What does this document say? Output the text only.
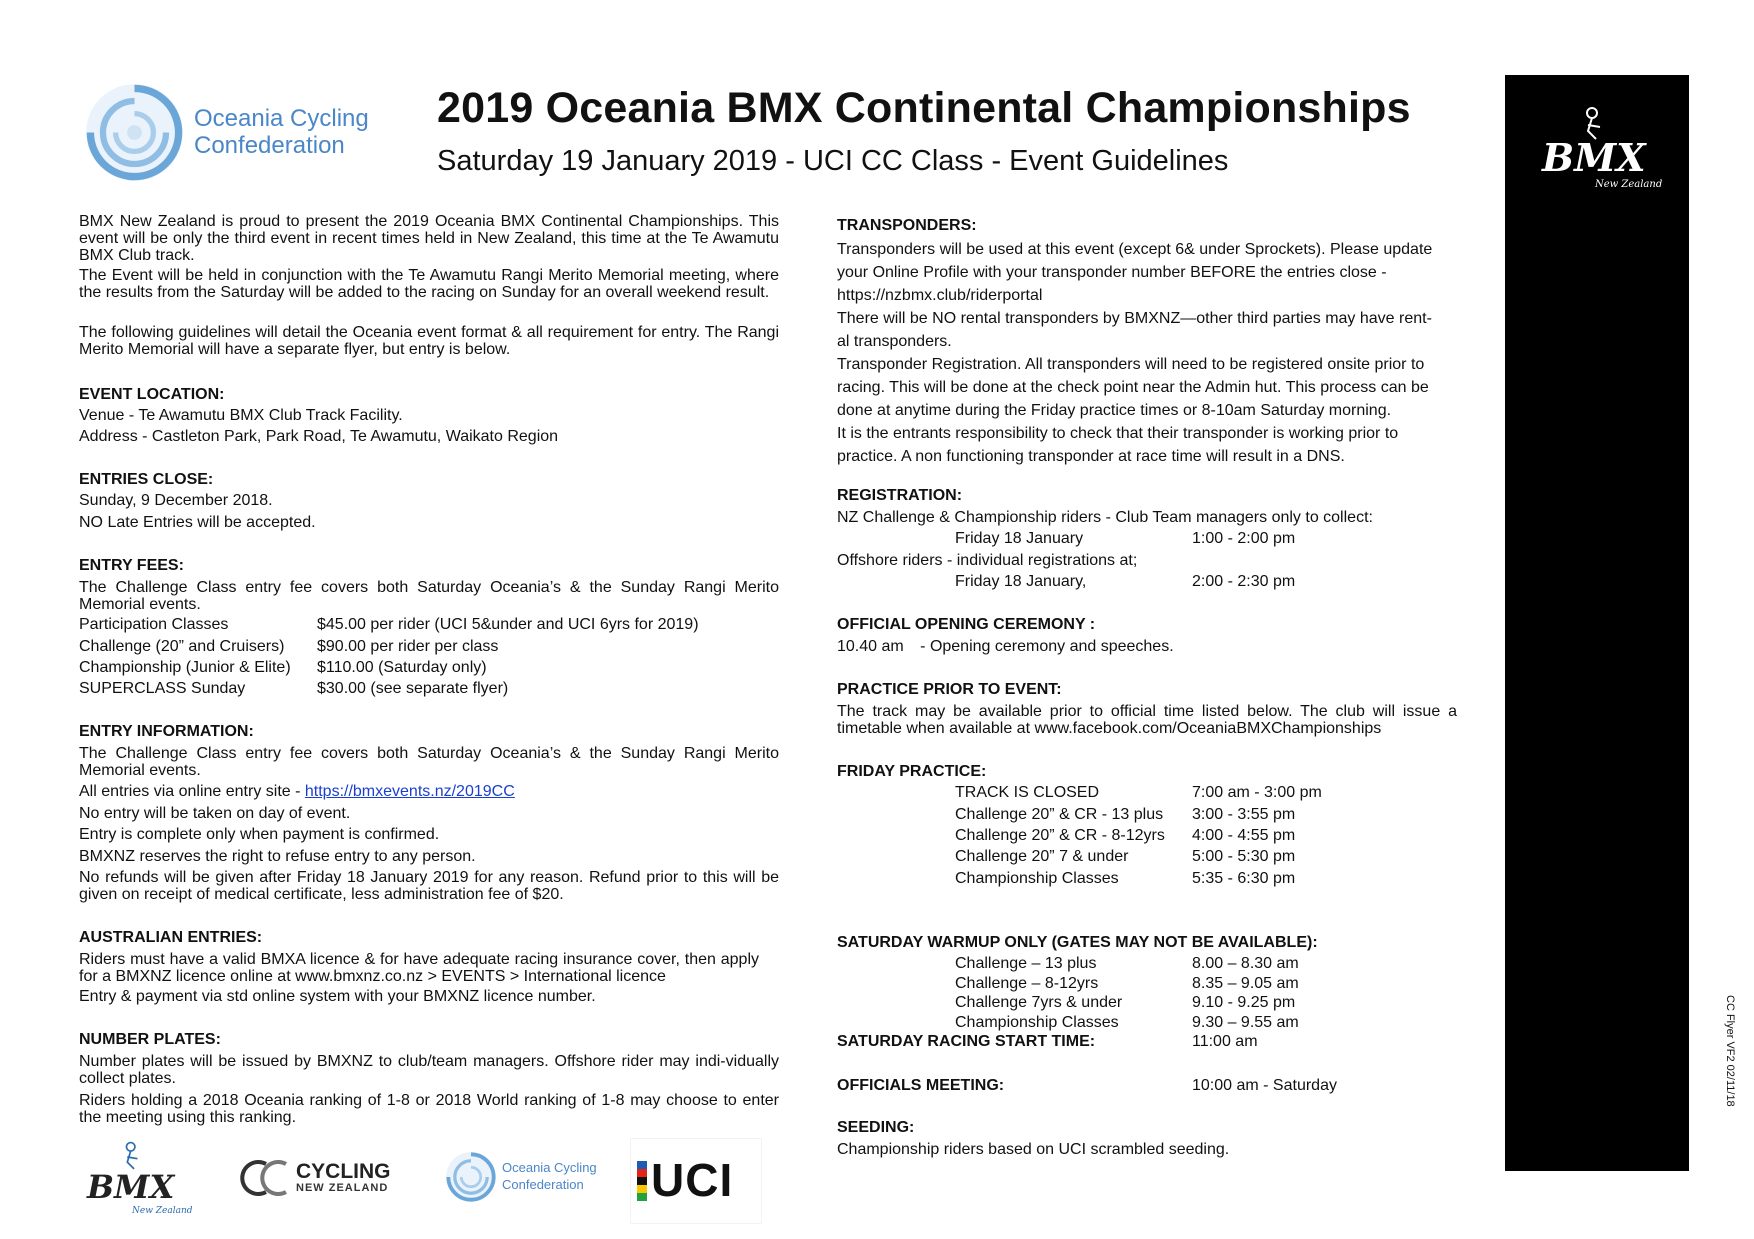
Oceania Cycling
Confederation
2019 Oceania BMX Continental Championships
Saturday 19 January 2019 - UCI CC Class - Event Guidelines	BMX
New Zealand
CC Flyer VF2 02/11/18
BMX New Zealand is proud to present the 2019 Oceania BMX Continental Championships. This event will be only the third event in recent times held in New Zealand, this time at the Te Awamutu BMX Club track.
The Event will be held in conjunction with the Te Awamutu Rangi Merito Memorial meeting, where the results from the Saturday will be added to the racing on Sunday for an overall weekend result.
The following guidelines will detail the Oceania event format & all requirement for entry. The Rangi Merito Memorial will have a separate flyer, but entry is below.
EVENT LOCATION:
Venue - Te Awamutu BMX Club Track Facility.
Address - Castleton Park, Park Road, Te Awamutu, Waikato Region
ENTRIES CLOSE:
Sunday, 9 December 2018.
NO Late Entries will be accepted.
ENTRY FEES:
The Challenge Class entry fee covers both Saturday Oceania’s & the Sunday Rangi Merito Memorial events.
Participation Classes	$45.00 per rider (UCI 5&under and UCI 6yrs for 2019)
Challenge (20” and Cruisers) $90.00 per rider per class
Championship (Junior & Elite) $110.00 (Saturday only)
SUPERCLASS Sunday	$30.00 (see separate flyer)
ENTRY INFORMATION:
The Challenge Class entry fee covers both Saturday Oceania’s & the Sunday Rangi Merito Memorial events.
All entries via online entry site - https://bmxevents.nz/2019CC
No entry will be taken on day of event.
Entry is complete only when payment is confirmed.
BMXNZ reserves the right to refuse entry to any person.
No refunds will be given after Friday 18 January 2019 for any reason. Refund prior to this will be given on receipt of medical certificate, less administration fee of $20.
AUSTRALIAN ENTRIES:
Riders must have a valid BMXA licence & for have adequate racing insurance cover, then apply for a BMXNZ licence online at www.bmxnz.co.nz > EVENTS > International licence
Entry & payment via std online system with your BMXNZ licence number.
NUMBER PLATES:
Number plates will be issued by BMXNZ to club/team managers. Offshore rider may indi-vidually collect plates.
Riders holding a 2018 Oceania ranking of 1-8 or 2018 World ranking of 1-8 may choose to enter the meeting using this ranking.
BMX
New Zealand
CYCLING
NEW ZEALAND
Oceania Cycling
Confederation UCI
TRANSPONDERS:
Transponders will be used at this event (except 6& under Sprockets). Please update
your Online Profile with your transponder number BEFORE the entries close -
https://nzbmx.club/riderportal
There will be NO rental transponders by BMXNZ—other third parties may have rent-
al transponders.
Transponder Registration. All transponders will need to be registered onsite prior to
racing. This will be done at the check point near the Admin hut. This process can be
done at anytime during the Friday practice times or 8-10am Saturday morning.
It is the entrants responsibility to check that their transponder is working prior to
practice. A non functioning transponder at race time will result in a DNS.
REGISTRATION:
NZ Challenge & Championship riders - Club Team managers only to collect:
Friday 18 January	1:00 - 2:00 pm
Offshore riders - individual registrations at;
Friday 18 January,	2:00 - 2:30 pm
OFFICIAL OPENING CEREMONY :
10.40 am - Opening ceremony and speeches.
PRACTICE PRIOR TO EVENT:
The track may be available prior to official time listed below. The club will issue a timetable when available at www.facebook.com/OceaniaBMXChampionships
FRIDAY PRACTICE:
TRACK IS CLOSED	7:00 am - 3:00 pm
Challenge 20” & CR - 13 plus 3:00 - 3:55 pm
Challenge 20” & CR - 8-12yrs 4:00 - 4:55 pm
Challenge 20” 7 & under	5:00 - 5:30 pm
Championship Classes	5:35 - 6:30 pm
SATURDAY WARMUP ONLY (GATES MAY NOT BE AVAILABLE):
Challenge – 13 plus	8.00 – 8.30 am
Challenge – 8-12yrs	8.35 – 9.05 am
Challenge 7yrs & under	9.10 - 9.25 pm
Championship Classes	9.30 – 9.55 am
SATURDAY RACING START TIME:	11:00 am
OFFICIALS MEETING:	10:00 am - Saturday
SEEDING:
Championship riders based on UCI scrambled seeding.
